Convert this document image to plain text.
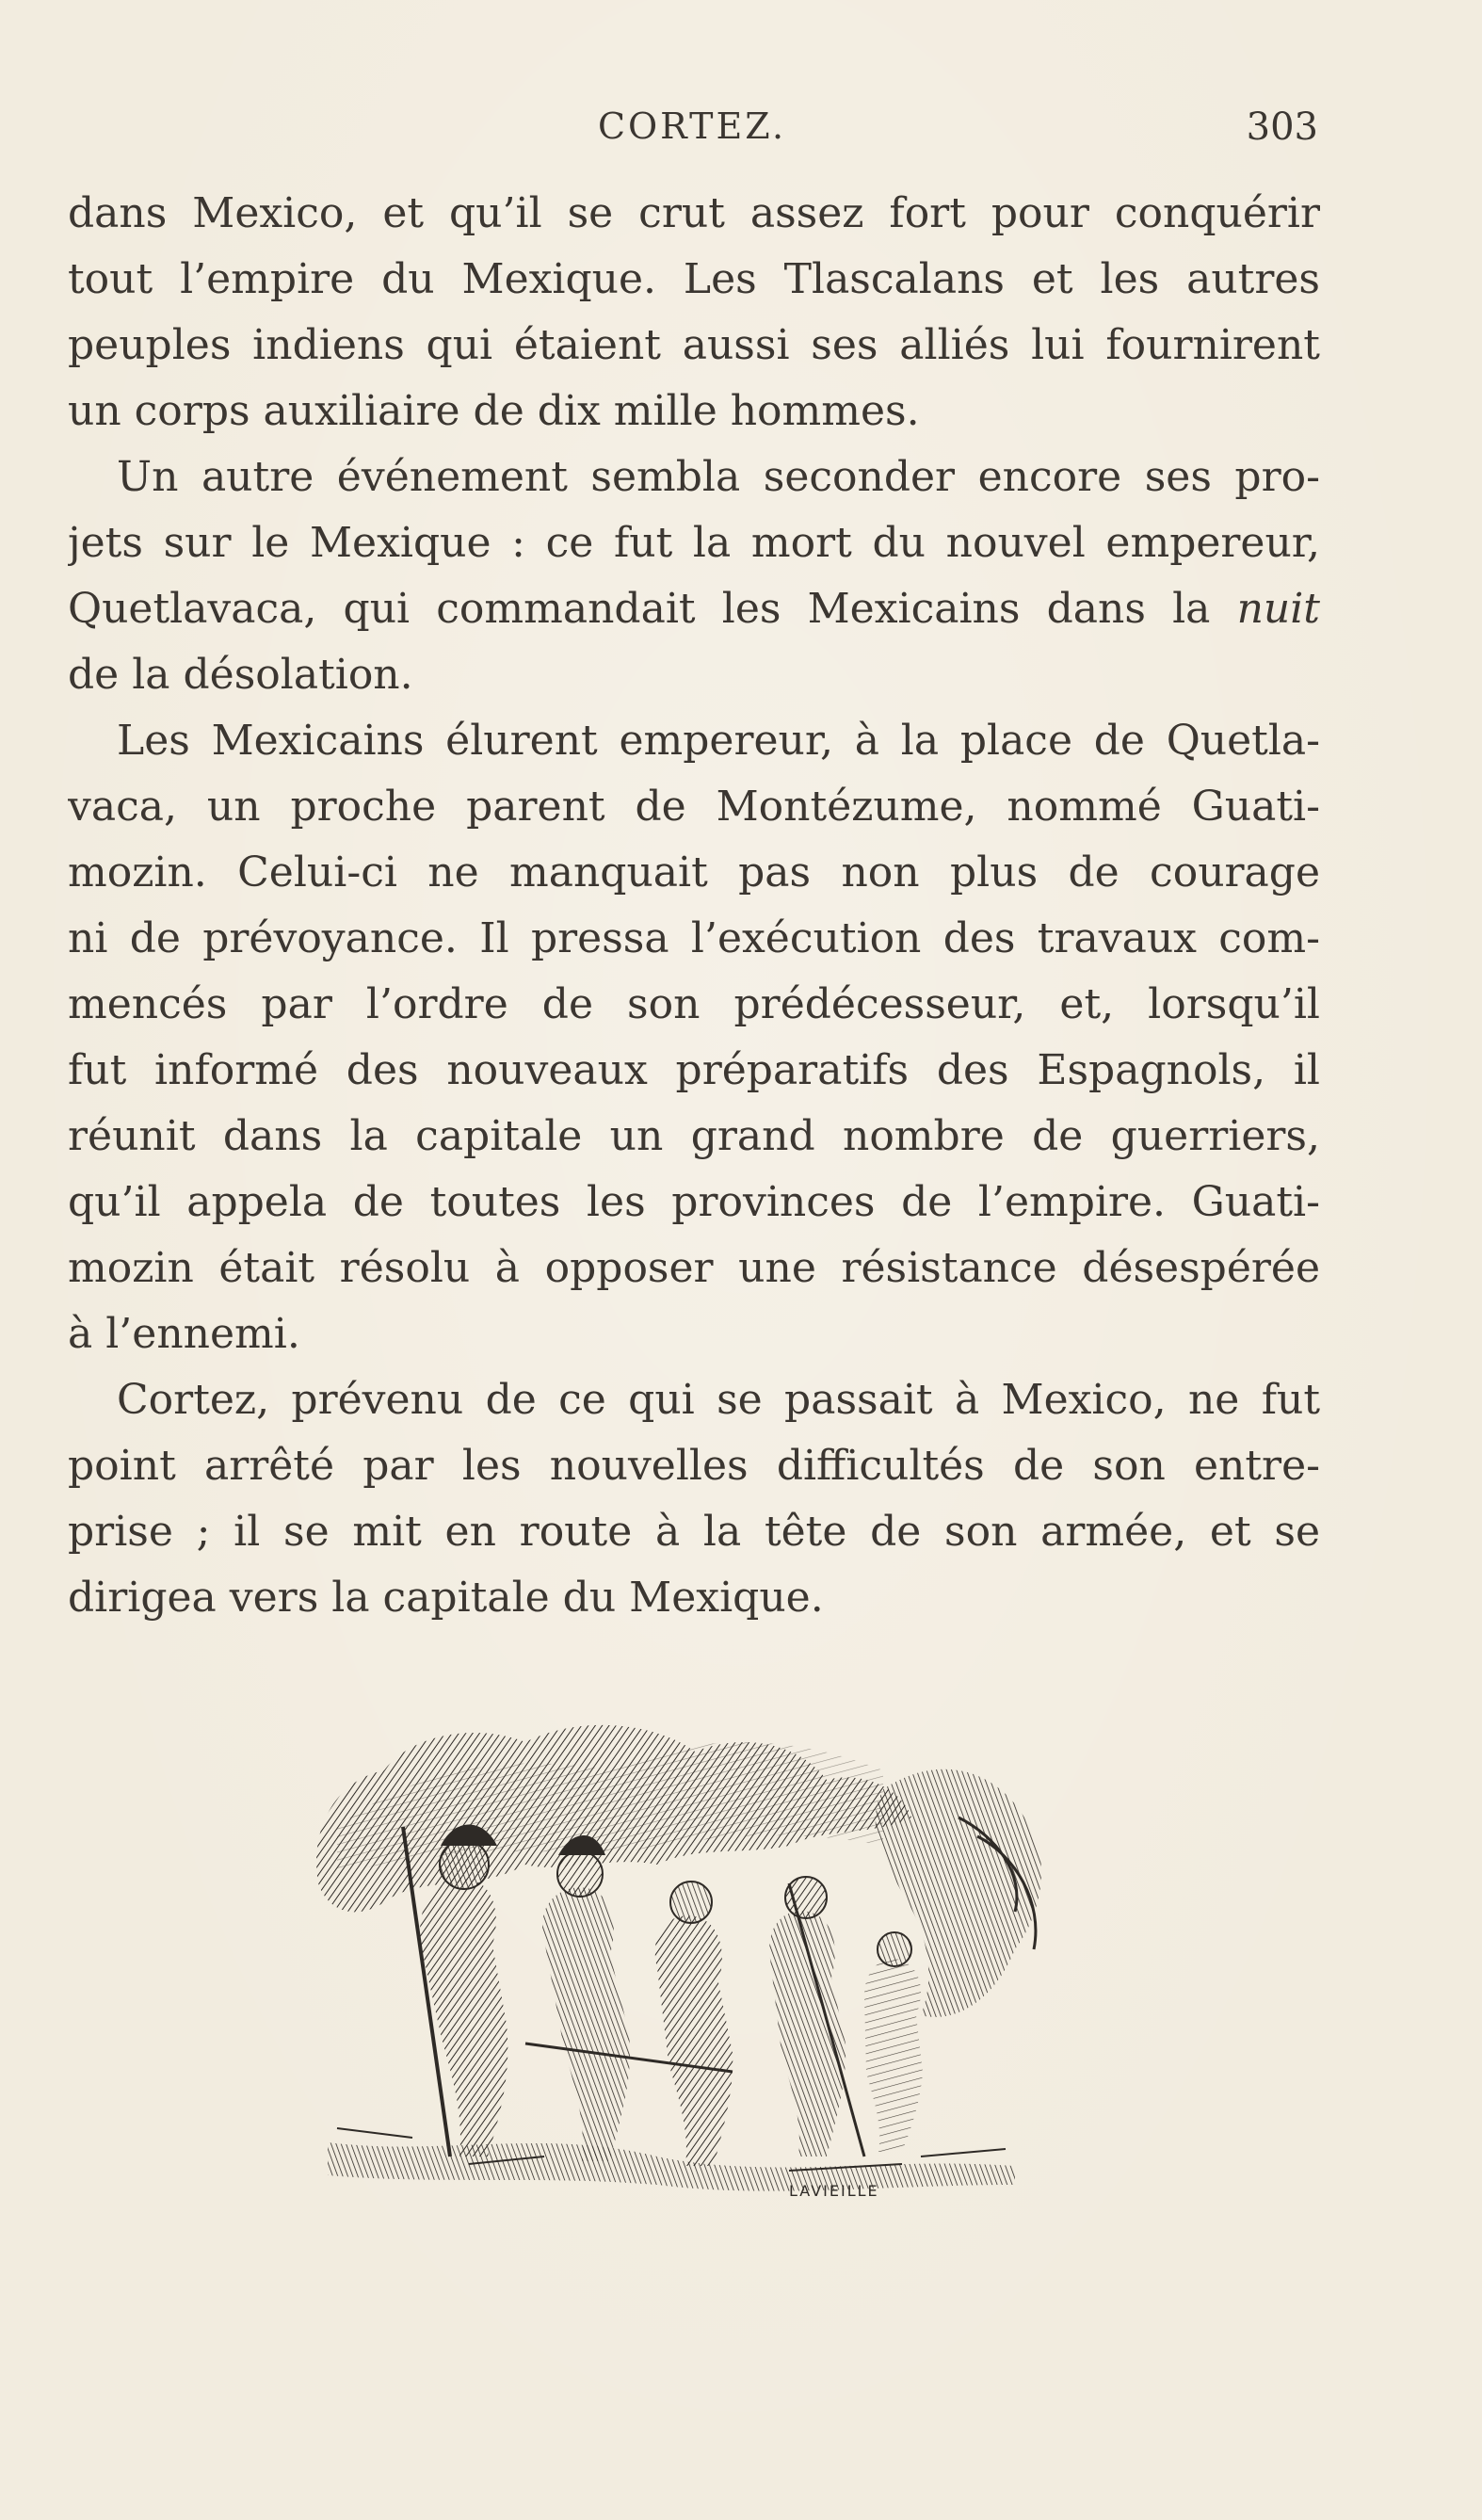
CORTEZ.	303
dans Mexico, et qu’il se crut assez fort pour conquérir
tout l’empire du Mexique. Les Tlascalans et les autres
peuples indiens qui étaient aussi ses alliés lui fournirent
un corps auxiliaire de dix mille hommes.
Un autre événement sembla seconder encore ses pro-
jets sur le Mexique : ce fut la mort du nouvel empereur,
Quetlavaca, qui commandait les Mexicains dans la nuit
de la désolation.
Les Mexicains élurent empereur, à la place de Quetla-
vaca, un proche parent de Montézume, nommé Guati-
mozin. Celui-ci ne manquait pas non plus de courage
ni de prévoyance. Il pressa l’exécution des travaux com-
mencés par l’ordre de son prédécesseur, et, lorsqu’il
fut informé des nouveaux préparatifs des Espagnols, il
réunit dans la capitale un grand nombre de guerriers,
qu’il appela de toutes les provinces de l’empire. Guati-
mozin était résolu à opposer une résistance désespérée
à l’ennemi.
Cortez, prévenu de ce qui se passait à Mexico, ne fut
point arrêté par les nouvelles difficultés de son entre-
prise ; il se mit en route à la tête de son armée, et se
dirigea vers la capitale du Mexique.
LAVIEILLE
